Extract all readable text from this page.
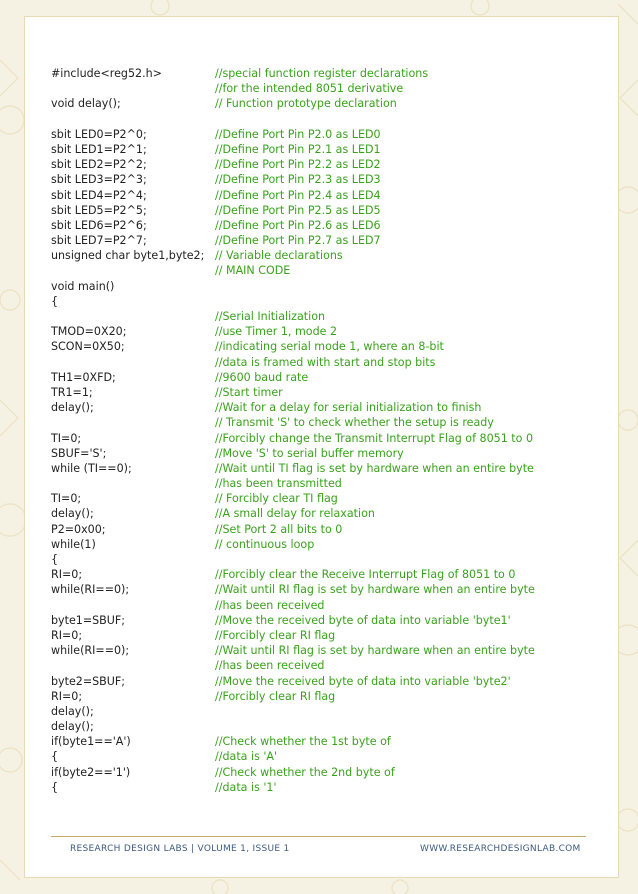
#include<reg52.h>	//special function register declarations
//for the intended 8051 derivative
void delay();	// Function prototype declaration
sbit LED0=P2^0;	//Define Port Pin P2.0 as LED0
sbit LED1=P2^1;	//Define Port Pin P2.1 as LED1
sbit LED2=P2^2;	//Define Port Pin P2.2 as LED2
sbit LED3=P2^3;	//Define Port Pin P2.3 as LED3
sbit LED4=P2^4;	//Define Port Pin P2.4 as LED4
sbit LED5=P2^5;	//Define Port Pin P2.5 as LED5
sbit LED6=P2^6;	//Define Port Pin P2.6 as LED6
sbit LED7=P2^7;	//Define Port Pin P2.7 as LED7
unsigned char byte1,byte2; // Variable declarations
// MAIN CODE
void main()
{
//Serial Initialization
TMOD=0X20;	//use Timer 1, mode 2
SCON=0X50;	//indicating serial mode 1, where an 8-bit
//data is framed with start and stop bits
TH1=0XFD;	//9600 baud rate
TR1=1;	//Start timer
delay();	//Wait for a delay for serial initialization to finish
// Transmit 'S' to check whether the setup is ready
TI=0;	//Forcibly change the Transmit Interrupt Flag of 8051 to 0
SBUF='S';	//Move 'S' to serial buffer memory
while (TI==0);	//Wait until TI flag is set by hardware when an entire byte
//has been transmitted
TI=0;	// Forcibly clear TI flag
delay();	//A small delay for relaxation
P2=0x00;	//Set Port 2 all bits to 0
while(1)	// continuous loop
{
RI=0;	//Forcibly clear the Receive Interrupt Flag of 8051 to 0
while(RI==0);	//Wait until RI flag is set by hardware when an entire byte
//has been received
byte1=SBUF;	//Move the received byte of data into variable 'byte1'
RI=0;	//Forcibly clear RI flag
while(RI==0);	//Wait until RI flag is set by hardware when an entire byte
//has been received
byte2=SBUF;	//Move the received byte of data into variable 'byte2'
RI=0;	//Forcibly clear RI flag
delay();
delay();
if(byte1=='A')	//Check whether the 1st byte of
{	//data is 'A'
if(byte2=='1')	//Check whether the 2nd byte of
{	//data is '1'
RESEARCH DESIGN LABS | VOLUME 1, ISSUE 1	WWW.RESEARCHDESIGNLAB.COM
